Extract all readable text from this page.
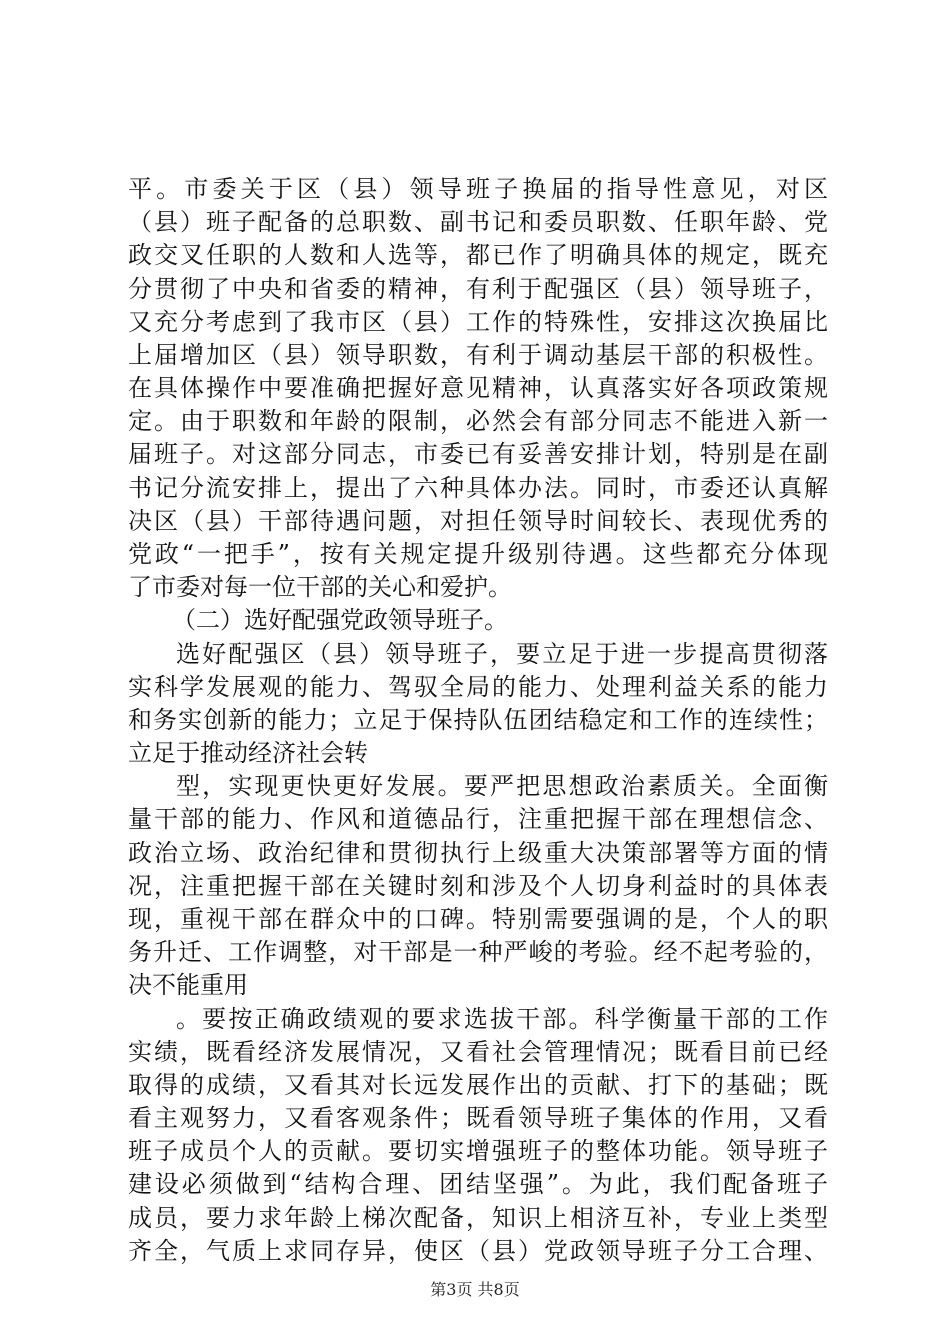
平。市委关于区（县）领导班子换届的指导性意见，对区
（县）班子配备的总职数、副书记和委员职数、任职年龄、党
政交叉任职的人数和人选等，都已作了明确具体的规定，既充
分贯彻了中央和省委的精神，有利于配强区（县）领导班子，
又充分考虑到了我市区（县）工作的特殊性，安排这次换届比
上届增加区（县）领导职数，有利于调动基层干部的积极性。
在具体操作中要准确把握好意见精神，认真落实好各项政策规
定。由于职数和年龄的限制，必然会有部分同志不能进入新一
届班子。对这部分同志，市委已有妥善安排计划，特别是在副
书记分流安排上，提出了六种具体办法。同时，市委还认真解
决区（县）干部待遇问题，对担任领导时间较长、表现优秀的
党政“一把手”，按有关规定提升级别待遇。这些都充分体现
了市委对每一位干部的关心和爱护。
（二）选好配强党政领导班子。
选好配强区（县）领导班子，要立足于进一步提高贯彻落
实科学发展观的能力、驾驭全局的能力、处理利益关系的能力
和务实创新的能力；立足于保持队伍团结稳定和工作的连续性；
立足于推动经济社会转
型，实现更快更好发展。要严把思想政治素质关。全面衡
量干部的能力、作风和道德品行，注重把握干部在理想信念、
政治立场、政治纪律和贯彻执行上级重大决策部署等方面的情
况，注重把握干部在关键时刻和涉及个人切身利益时的具体表
现，重视干部在群众中的口碑。特别需要强调的是，个人的职
务升迁、工作调整，对干部是一种严峻的考验。经不起考验的，
决不能重用
。要按正确政绩观的要求选拔干部。科学衡量干部的工作
实绩，既看经济发展情况，又看社会管理情况；既看目前已经
取得的成绩，又看其对长远发展作出的贡献、打下的基础；既
看主观努力，又看客观条件；既看领导班子集体的作用，又看
班子成员个人的贡献。要切实增强班子的整体功能。领导班子
建设必须做到“结构合理、团结坚强”。为此，我们配备班子
成员，要力求年龄上梯次配备，知识上相济互补，专业上类型
齐全，气质上求同存异，使区（县）党政领导班子分工合理、
第3页 共8页
